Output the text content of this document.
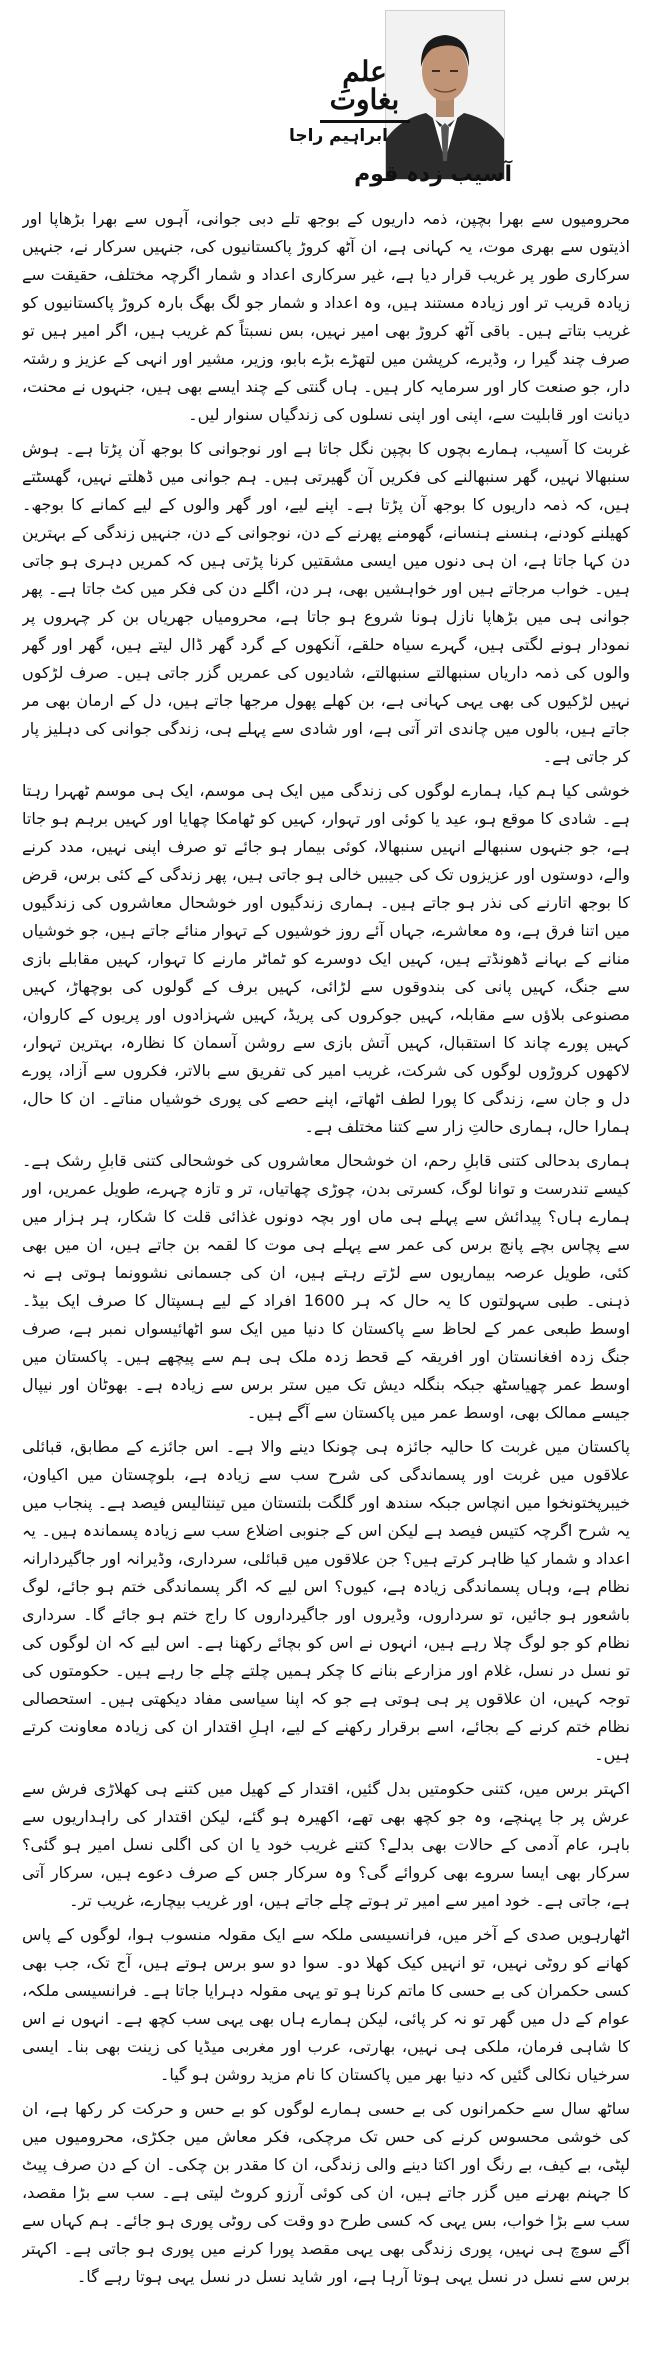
علمِ بغاوت
ابراہیم راجا
آسیب زدہ قوم

محرومیوں سے بھرا بچپن، ذمہ داریوں کے بوجھ تلے دبی جوانی، آہوں سے بھرا بڑھاپا اور اذیتوں سے بھری موت، یہ کہانی ہے، ان آٹھ کروڑ پاکستانیوں کی، جنہیں سرکار نے، جنہیں سرکاری طور پر غریب قرار دیا ہے، غیر سرکاری اعداد و شمار اگرچہ مختلف، حقیقت سے زیادہ قریب تر اور زیادہ مستند ہیں، وہ اعداد و شمار جو لگ بھگ بارہ کروڑ پاکستانیوں کو غریب بتاتے ہیں۔ باقی آٹھ کروڑ بھی امیر نہیں، بس نسبتاً کم غریب ہیں، اگر امیر ہیں تو صرف چند گیرا ر، وڈیرے، کرپشن میں لتھڑے بڑے بابو، وزیر، مشیر اور انہی کے عزیز و رشتہ دار، جو صنعت کار اور سرمایہ کار ہیں۔ ہاں گنتی کے چند ایسے بھی ہیں، جنہوں نے محنت، دیانت اور قابلیت سے، اپنی اور اپنی نسلوں کی زندگیاں سنوار لیں۔

غربت کا آسیب، ہمارے بچوں کا بچپن نگل جاتا ہے اور نوجوانی کا بوجھ آن پڑتا ہے۔ ہوش سنبھالا نہیں، گھر سنبھالنے کی فکریں آن گھیرتی ہیں۔ ہم جوانی میں ڈھلتے نہیں، گھسٹتے ہیں، کہ ذمہ داریوں کا بوجھ آن پڑتا ہے۔ اپنے لیے، اور گھر والوں کے لیے کمانے کا بوجھ۔ کھیلنے کودنے، ہنسنے ہنسانے، گھومنے پھرنے کے دن، نوجوانی کے دن، جنہیں زندگی کے بہترین دن کہا جاتا ہے، ان ہی دنوں میں ایسی مشقتیں کرنا پڑتی ہیں کہ کمریں دہری ہو جاتی ہیں۔ خواب مرجاتے ہیں اور خواہشیں بھی، ہر دن، اگلے دن کی فکر میں کٹ جاتا ہے۔ پھر جوانی ہی میں بڑھاپا نازل ہونا شروع ہو جاتا ہے، محرومیاں جھریاں بن کر چہروں پر نمودار ہونے لگتی ہیں، گہرے سیاہ حلقے، آنکھوں کے گرد گھر ڈال لیتے ہیں، گھر اور گھر والوں کی ذمہ داریاں سنبھالتے سنبھالتے، شادیوں کی عمریں گزر جاتی ہیں۔ صرف لڑکوں نہیں لڑکیوں کی بھی یہی کہانی ہے، بن کھلے پھول مرجھا جاتے ہیں، دل کے ارمان بھی مر جاتے ہیں، بالوں میں چاندی اتر آتی ہے، اور شادی سے پہلے ہی، زندگی جوانی کی دہلیز پار کر جاتی ہے۔

خوشی کیا ہم کیا، ہمارے لوگوں کی زندگی میں ایک ہی موسم، ایک ہی موسم ٹھہرا رہتا ہے۔ شادی کا موقع ہو، عید یا کوئی اور تہوار، کہیں کو ٹھامکا چھایا اور کہیں برہم ہو جاتا ہے، جو جنہوں سنبھالے انہیں سنبھالا، کوئی بیمار ہو جائے تو صرف اپنی نہیں، مدد کرنے والے، دوستوں اور عزیزوں تک کی جیبیں خالی ہو جاتی ہیں، پھر زندگی کے کئی برس، قرض کا بوجھ اتارنے کی نذر ہو جاتے ہیں۔ ہماری زندگیوں اور خوشحال معاشروں کی زندگیوں میں اتنا فرق ہے، وہ معاشرے، جہاں آئے روز خوشیوں کے تہوار منائے جاتے ہیں، جو خوشیاں منانے کے بہانے ڈھونڈتے ہیں، کہیں ایک دوسرے کو ٹماٹر مارنے کا تہوار، کہیں مقابلے بازی سے جنگ، کہیں پانی کی بندوقوں سے لڑائی، کہیں برف کے گولوں کی بوچھاڑ، کہیں مصنوعی بلاؤں سے مقابلہ، کہیں جوکروں کی پریڈ، کہیں شہزادوں اور پریوں کے کاروان، کہیں پورے چاند کا استقبال، کہیں آتش بازی سے روشن آسمان کا نظارہ، بہترین تہوار، لاکھوں کروڑوں لوگوں کی شرکت، غریب امیر کی تفریق سے بالاتر، فکروں سے آزاد، پورے دل و جان سے، زندگی کا پورا لطف اٹھاتے، اپنے حصے کی پوری خوشیاں مناتے۔ ان کا حال، ہمارا حال، ہماری حالتِ زار سے کتنا مختلف ہے۔

ہماری بدحالی کتنی قابلِ رحم، ان خوشحال معاشروں کی خوشحالی کتنی قابلِ رشک ہے۔ کیسے تندرست و توانا لوگ، کسرتی بدن، چوڑی چھاتیاں، تر و تازہ چہرے، طویل عمریں، اور ہمارے ہاں؟ پیدائش سے پہلے ہی ماں اور بچہ دونوں غذائی قلت کا شکار، ہر ہزار میں سے پچاس بچے پانچ برس کی عمر سے پہلے ہی موت کا لقمہ بن جاتے ہیں، ان میں بھی کئی، طویل عرصہ بیماریوں سے لڑتے رہتے ہیں، ان کی جسمانی نشوونما ہوتی ہے نہ ذہنی۔ طبی سہولتوں کا یہ حال کہ ہر 1600 افراد کے لیے ہسپتال کا صرف ایک بیڈ۔ اوسط طبعی عمر کے لحاظ سے پاکستان کا دنیا میں ایک سو اٹھائیسواں نمبر ہے، صرف جنگ زدہ افغانستان اور افریقہ کے قحط زدہ ملک ہی ہم سے پیچھے ہیں۔ پاکستان میں اوسط عمر چھیاسٹھ جبکہ بنگلہ دیش تک میں ستر برس سے زیادہ ہے۔ بھوٹان اور نیپال جیسے ممالک بھی، اوسط عمر میں پاکستان سے آگے ہیں۔

پاکستان میں غربت کا حالیہ جائزہ ہی چونکا دینے والا ہے۔ اس جائزے کے مطابق، قبائلی علاقوں میں غربت اور پسماندگی کی شرح سب سے زیادہ ہے، بلوچستان میں اکیاون، خیبرپختونخوا میں انچاس جبکہ سندھ اور گلگت بلتستان میں تینتالیس فیصد ہے۔ پنجاب میں یہ شرح اگرچہ کتیس فیصد ہے لیکن اس کے جنوبی اضلاع سب سے زیادہ پسماندہ ہیں۔ یہ اعداد و شمار کیا ظاہر کرتے ہیں؟ جن علاقوں میں قبائلی، سرداری، وڈیرانہ اور جاگیردارانہ نظام ہے، وہاں پسماندگی زیادہ ہے، کیوں؟ اس لیے کہ اگر پسماندگی ختم ہو جائے، لوگ باشعور ہو جائیں، تو سرداروں، وڈیروں اور جاگیرداروں کا راج ختم ہو جائے گا۔ سرداری نظام کو جو لوگ چلا رہے ہیں، انہوں نے اس کو بچائے رکھنا ہے۔ اس لیے کہ ان لوگوں کی تو نسل در نسل، غلام اور مزارعے بنانے کا چکر ہمیں چلتے چلے جا رہے ہیں۔ حکومتوں کی توجہ کہیں، ان علاقوں پر ہی ہوتی ہے جو کہ اپنا سیاسی مفاد دیکھتی ہیں۔ استحصالی نظام ختم کرنے کے بجائے، اسے برقرار رکھنے کے لیے، اہلِ اقتدار ان کی زیادہ معاونت کرتے ہیں۔

اکہتر برس میں، کتنی حکومتیں بدل گئیں، اقتدار کے کھیل میں کتنے ہی کھلاڑی فرش سے عرش پر جا پہنچے، وہ جو کچھ بھی تھے، اکھیرہ ہو گئے، لیکن اقتدار کی راہداریوں سے باہر، عام آدمی کے حالات بھی بدلے؟ کتنے غریب خود یا ان کی اگلی نسل امیر ہو گئی؟ سرکار بھی ایسا سروے بھی کروائے گی؟ وہ سرکار جس کے صرف دعوے ہیں، سرکار آتی ہے، جاتی ہے۔ خود امیر سے امیر تر ہوتے چلے جاتے ہیں، اور غریب بیچارے، غریب تر۔

اٹھارہویں صدی کے آخر میں، فرانسیسی ملکہ سے ایک مقولہ منسوب ہوا، لوگوں کے پاس کھانے کو روٹی نہیں، تو انہیں کیک کھلا دو۔ سوا دو سو برس ہوتے ہیں، آج تک، جب بھی کسی حکمران کی بے حسی کا ماتم کرنا ہو تو یہی مقولہ دہرایا جاتا ہے۔ فرانسیسی ملکہ، عوام کے دل میں گھر تو نہ کر پائی، لیکن ہمارے ہاں بھی یہی سب کچھ ہے۔ انہوں نے اس کا شاہی فرمان، ملکی ہی نہیں، بھارتی، عرب اور مغربی میڈیا کی زینت بھی بنا۔ ایسی سرخیاں نکالی گئیں کہ دنیا بھر میں پاکستان کا نام مزید روشن ہو گیا۔

ساٹھ سال سے حکمرانوں کی بے حسی ہمارے لوگوں کو بے حس و حرکت کر رکھا ہے، ان کی خوشی محسوس کرنے کی حس تک مرچکی، فکر معاش میں جکڑی، محرومیوں میں لپٹی، بے کیف، بے رنگ اور اکتا دینے والی زندگی، ان کا مقدر بن چکی۔ ان کے دن صرف پیٹ کا جہنم بھرنے میں گزر جاتے ہیں، ان کی کوئی آرزو کروٹ لیتی ہے۔ سب سے بڑا مقصد، سب سے بڑا خواب، بس یہی کہ کسی طرح دو وقت کی روٹی پوری ہو جائے۔ ہم کہاں سے آگے سوچ ہی نہیں، پوری زندگی بھی یہی مقصد پورا کرنے میں پوری ہو جاتی ہے۔ اکہتر برس سے نسل در نسل یہی ہوتا آرہا ہے، اور شاید نسل در نسل یہی ہوتا رہے گا۔
